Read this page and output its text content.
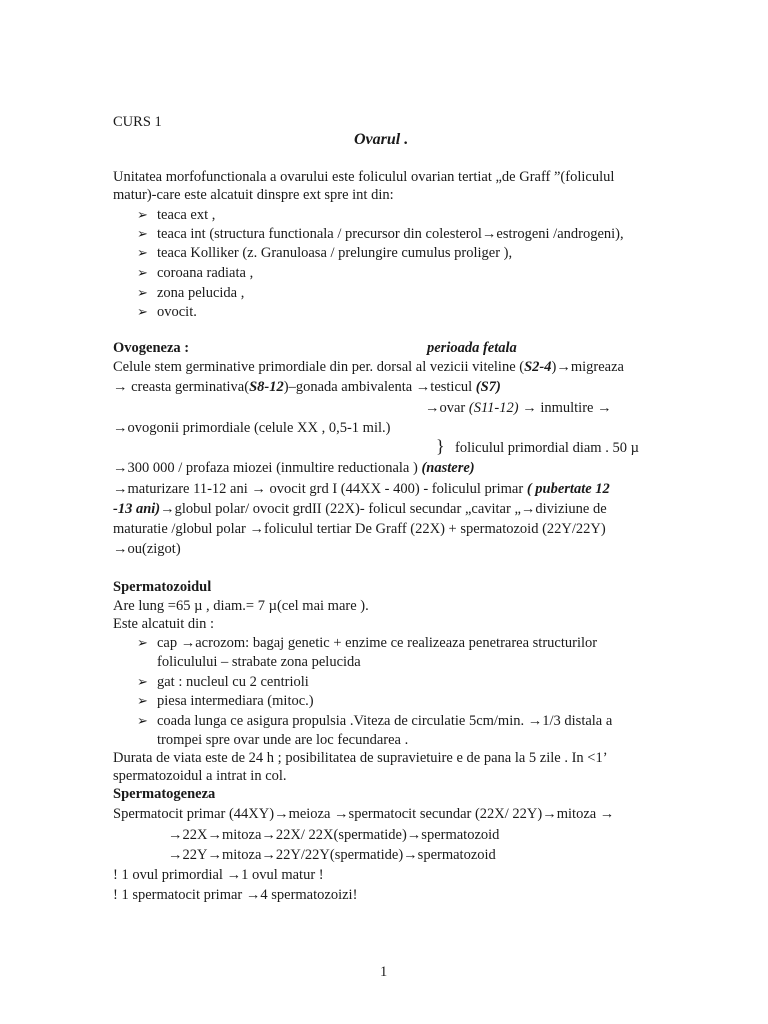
CURS 1
Ovarul .
Unitatea morfofunctionala a ovarului este foliculul ovarian tertiat „de Graff ”(foliculul
matur)-care este alcatuit dinspre ext spre int din:
➢ teaca ext ,
➢ teaca int (structura functionala / precursor din colesterol→estrogeni /androgeni),
➢ teaca Kolliker (z. Granuloasa / prelungire cumulus proliger ),
➢ coroana radiata ,
➢ zona pelucida ,
➢ ovocit.
Ovogeneza :	perioada fetala
Celule stem germinative primordiale din per. dorsal al vezicii viteline (S2-4)→migreaza
→ creasta germinativa(S8-12)–gonada ambivalenta →testicul (S7)
→ovar (S11-12) → inmultire →
→ovogonii primordiale (celule XX , 0,5-1 mil.)
} foliculul primordial diam . 50 µ
→300 000 / profaza miozei (inmultire reductionala ) (nastere)
→maturizare 11-12 ani → ovocit grd I (44XX - 400) - foliculul primar ( pubertate 12
-13 ani)→globul polar/ ovocit grdII (22X)- folicul secundar „cavitar „→diviziune de
maturatie /globul polar →foliculul tertiar De Graff (22X) + spermatozoid (22Y/22Y)
→ou(zigot)
Spermatozoidul
Are lung =65 µ , diam.= 7 µ(cel mai mare ).
Este alcatuit din :
➢ cap →acrozom: bagaj genetic + enzime ce realizeaza penetrarea structurilor
foliculului – strabate zona pelucida
➢ gat : nucleul cu 2 centrioli
➢ piesa intermediara (mitoc.)
➢ coada lunga ce asigura propulsia .Viteza de circulatie 5cm/min. →1/3 distala a
trompei spre ovar unde are loc fecundarea .
Durata de viata este de 24 h ; posibilitatea de supravietuire e de pana la 5 zile . In <1’
spermatozoidul a intrat in col.
Spermatogeneza
Spermatocit primar (44XY)→meioza →spermatocit secundar (22X/ 22Y)→mitoza →
→22X→mitoza→22X/ 22X(spermatide)→spermatozoid
→22Y→mitoza→22Y/22Y(spermatide)→spermatozoid
! 1 ovul primordial →1 ovul matur !
! 1 spermatocit primar →4 spermatozoizi!
1
